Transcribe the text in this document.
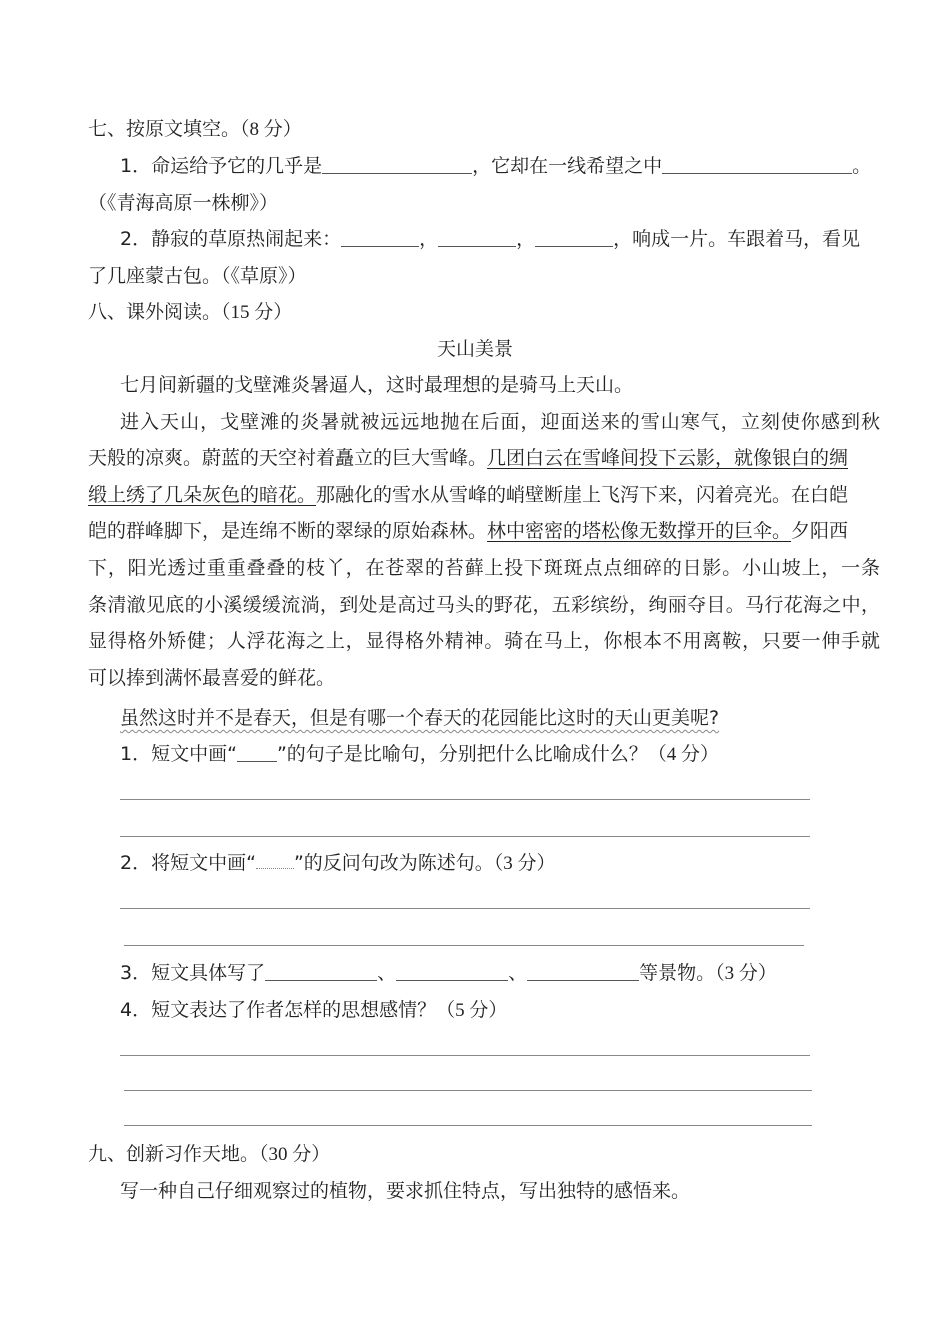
七、按原文填空。（8 分）
1．命运给予它的几乎是	，它却在一线希望之中	。
（《青海高原一株柳》）
2．静寂的草原热闹起来：	，	，	，响成一片。车跟着马，看见
了几座蒙古包。（《草原》）
八、课外阅读。（15 分）
天山美景
七月间新疆的戈壁滩炎暑逼人，这时最理想的是骑马上天山。
进入天山，戈壁滩的炎暑就被远远地抛在后面，迎面送来的雪山寒气，立刻使你感到秋
天般的凉爽。蔚蓝的天空衬着矗立的巨大雪峰。几团白云在雪峰间投下云影，就像银白的绸
缎上绣了几朵灰色的暗花。那融化的雪水从雪峰的峭壁断崖上飞泻下来，闪着亮光。在白皑
皑的群峰脚下，是连绵不断的翠绿的原始森林。林中密密的塔松像无数撑开的巨伞。夕阳西
下，阳光透过重重叠叠的枝丫，在苍翠的苔藓上投下斑斑点点细碎的日影。小山坡上，一条
条清澈见底的小溪缓缓流淌，到处是高过马头的野花，五彩缤纷，绚丽夺目。马行花海之中，
显得格外矫健；人浮花海之上，显得格外精神。骑在马上，你根本不用离鞍，只要一伸手就
可以捧到满怀最喜爱的鲜花。
虽然这时并不是春天，但是有哪一个春天的花园能比这时的天山更美呢?
1．短文中画“ ”的句子是比喻句，分别把什么比喻成什么？（4 分）
2．将短文中画“ ”的反问句改为陈述句。（3 分）
3．短文具体写了	、	、	等景物。（3 分）
4．短文表达了作者怎样的思想感情？（5 分）
九、创新习作天地。（30 分）
写一种自己仔细观察过的植物，要求抓住特点，写出独特的感悟来。
